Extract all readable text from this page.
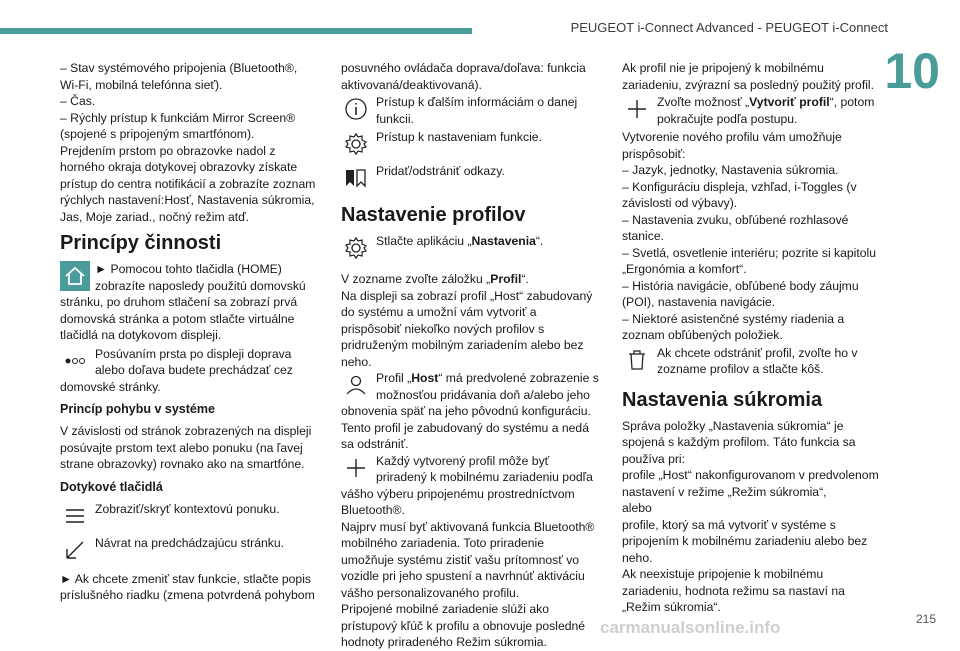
PEUGEOT i-Connect Advanced - PEUGEOT i-Connect
10

– Stav systémového pripojenia (Bluetooth®, Wi-Fi, mobilná telefónna sieť).

– Čas.

– Rýchly prístup k funkciám Mirror Screen® (spojené s pripojeným smartfónom).

Prejdením prstom po obrazovke nadol z horného okraja dotykovej obrazovky získate prístup do centra notifikácií a zobrazíte zoznam rýchlych nastavení:Hosť, Nastavenia súkromia, Jas, Moje zariad., nočný režim atď.

Princípy činnosti

► Pomocou tohto tlačidla (HOME) zobrazíte naposledy použitú domovskú stránku, po druhom stlačení sa zobrazí prvá domovská stránka a potom stlačte virtuálne tlačidlá na dotykovom displeji.

Posúvaním prsta po displeji doprava alebo doľava budete prechádzať cez domovské stránky.

Princíp pohybu v systéme

V závislosti od stránok zobrazených na displeji posúvajte prstom text alebo ponuku (na ľavej strane obrazovky) rovnako ako na smartfóne.

Dotykové tlačidlá
Zobraziť/skryť kontextovú ponuku.
Návrat na predchádzajúcu stránku.

► Ak chcete zmeniť stav funkcie, stlačte popis príslušného riadku (zmena potvrdená pohybom

posuvného ovládača doprava/doľava: funkcia aktivovaná/deaktivovaná).

Prístup k ďalším informáciám o danej funkcii.
Prístup k nastaveniam funkcie.
Pridať/odstrániť odkazy.
Nastavenie profilov
Stlačte aplikáciu „Nastavenia“.

V zozname zvoľte záložku „Profil“.

Na displeji sa zobrazí profil „Host“ zabudovaný do systému a umožní vám vytvoriť a prispôsobiť niekoľko nových profilov s pridruženým mobilným zariadením alebo bez neho.

Profil „Host“ má predvolené zobrazenie s možnosťou pridávania doň a/alebo jeho obnovenia späť na jeho pôvodnú konfiguráciu.

Tento profil je zabudovaný do systému a nedá sa odstrániť.

Každý vytvorený profil môže byť priradený k mobilnému zariadeniu podľa vášho výberu pripojenému prostredníctvom Bluetooth®.

Najprv musí byť aktivovaná funkcia Bluetooth® mobilného zariadenia. Toto priradenie umožňuje systému zistiť vašu prítomnosť vo vozidle pri jeho spustení a navrhnúť aktiváciu vášho personalizovaného profilu.

Pripojené mobilné zariadenie slúži ako prístupový kľúč k profilu a obnovuje posledné hodnoty priradeného Režim súkromia.

Ak profil nie je pripojený k mobilnému zariadeniu, zvýrazní sa posledný použitý profil.

Zvoľte možnosť „Vytvoriť profil“, potom pokračujte podľa postupu.

Vytvorenie nového profilu vám umožňuje prispôsobiť:

– Jazyk, jednotky, Nastavenia súkromia.

– Konfiguráciu displeja, vzhľad, i-Toggles (v závislosti od výbavy).

– Nastavenia zvuku, obľúbené rozhlasové stanice.

– Svetlá, osvetlenie interiéru; pozrite si kapitolu „Ergonómia a komfort“.

– História navigácie, obľúbené body záujmu (POI), nastavenia navigácie.

– Niektoré asistenčné systémy riadenia a zoznam obľúbených položiek.

Ak chcete odstrániť profil, zvoľte ho v zozname profilov a stlačte kôš.
Nastavenia súkromia

Správa položky „Nastavenia súkromia“ je spojená s každým profilom. Táto funkcia sa používa pri:

profile „Host“ nakonfigurovanom v predvolenom nastavení v režime „Režim súkromia“,

alebo

profile, ktorý sa má vytvoriť v systéme s pripojením k mobilnému zariadeniu alebo bez neho.

Ak neexistuje pripojenie k mobilnému zariadeniu, hodnota režimu sa nastaví na „Režim súkromia“.

carmanualsonline.info	215
